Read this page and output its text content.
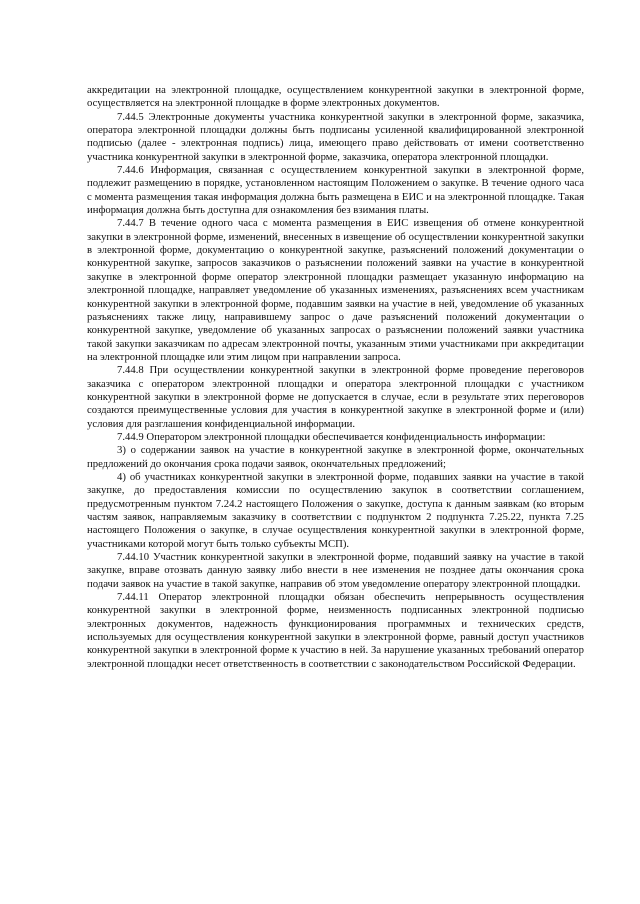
аккредитации на электронной площадке, осуществлением конкурентной закупки в электронной форме, осуществляется на электронной площадке в форме электронных документов.

7.44.5 Электронные документы участника конкурентной закупки в электронной форме, заказчика, оператора электронной площадки должны быть подписаны усиленной квалифицированной электронной подписью (далее - электронная подпись) лица, имеющего право действовать от имени соответственно участника конкурентной закупки в электронной форме, заказчика, оператора электронной площадки.

7.44.6 Информация, связанная с осуществлением конкурентной закупки в электронной форме, подлежит размещению в порядке, установленном настоящим Положением о закупке. В течение одного часа с момента размещения такая информация должна быть размещена в ЕИС и на электронной площадке. Такая информация должна быть доступна для ознакомления без взимания платы.

7.44.7 В течение одного часа с момента размещения в ЕИС извещения об отмене конкурентной закупки в электронной форме, изменений, внесенных в извещение об осуществлении конкурентной закупки в электронной форме, документацию о конкурентной закупке, разъяснений положений документации о конкурентной закупке, запросов заказчиков о разъяснении положений заявки на участие в конкурентной закупке в электронной форме оператор электронной площадки размещает указанную информацию на электронной площадке, направляет уведомление об указанных изменениях, разъяснениях всем участникам конкурентной закупки в электронной форме, подавшим заявки на участие в ней, уведомление об указанных разъяснениях также лицу, направившему запрос о даче разъяснений положений документации о конкурентной закупке, уведомление об указанных запросах о разъяснении положений заявки участника такой закупки заказчикам по адресам электронной почты, указанным этими участниками при аккредитации на электронной площадке или этим лицом при направлении запроса.

7.44.8 При осуществлении конкурентной закупки в электронной форме проведение переговоров заказчика с оператором электронной площадки и оператора электронной площадки с участником конкурентной закупки в электронной форме не допускается в случае, если в результате этих переговоров создаются преимущественные условия для участия в конкурентной закупке в электронной форме и (или) условия для разглашения конфиденциальной информации.

7.44.9 Оператором электронной площадки обеспечивается конфиденциальность информации:

3) о содержании заявок на участие в конкурентной закупке в электронной форме, окончательных предложений до окончания срока подачи заявок, окончательных предложений;

4) об участниках конкурентной закупки в электронной форме, подавших заявки на участие в такой закупке, до предоставления комиссии по осуществлению закупок в соответствии соглашением, предусмотренным пунктом 7.24.2 настоящего Положения о закупке, доступа к данным заявкам (ко вторым частям заявок, направляемым заказчику в соответствии с подпунктом 2 подпункта 7.25.22, пункта 7.25 настоящего Положения о закупке, в случае осуществления конкурентной закупки в электронной форме, участниками которой могут быть только субъекты МСП).

7.44.10 Участник конкурентной закупки в электронной форме, подавший заявку на участие в такой закупке, вправе отозвать данную заявку либо внести в нее изменения не позднее даты окончания срока подачи заявок на участие в такой закупке, направив об этом уведомление оператору электронной площадки.

7.44.11 Оператор электронной площадки обязан обеспечить непрерывность осуществления конкурентной закупки в электронной форме, неизменность подписанных электронной подписью электронных документов, надежность функционирования программных и технических средств, используемых для осуществления конкурентной закупки в электронной форме, равный доступ участников конкурентной закупки в электронной форме к участию в ней. За нарушение указанных требований оператор электронной площадки несет ответственность в соответствии с законодательством Российской Федерации.
